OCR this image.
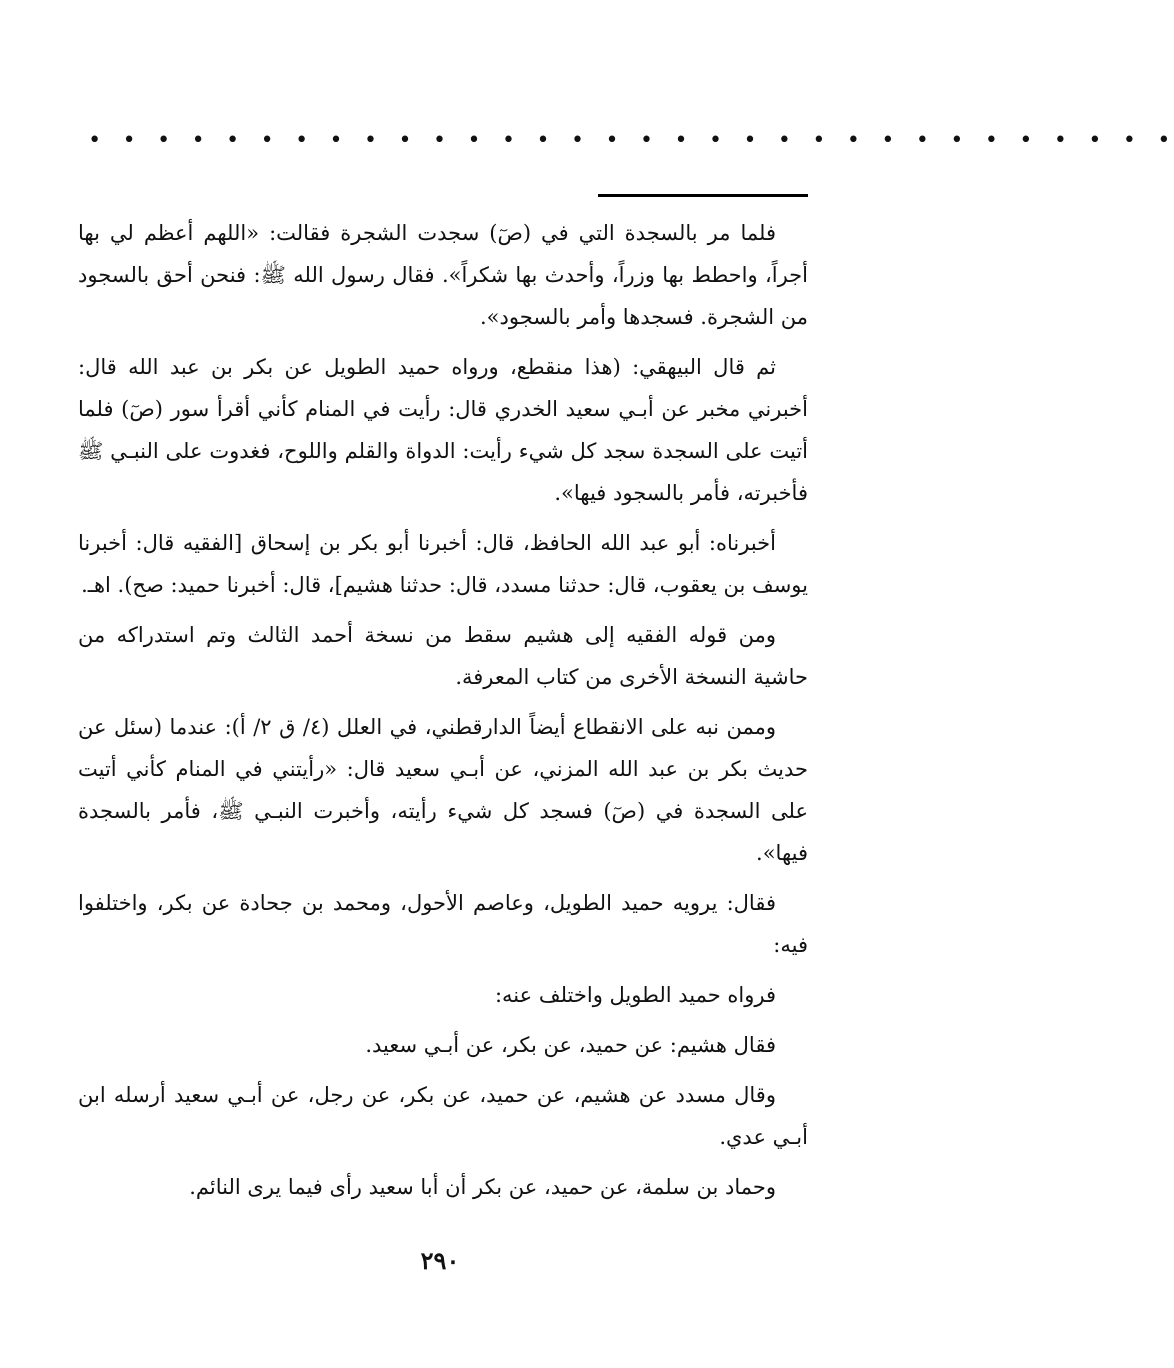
• • • • • • • • • • • • • • • • • • • • • • • • • • • • • • • •

فلما مر بالسجدة التي في (صٓ) سجدت الشجرة فقالت: «اللهم أعظم لي بها أجراً، واحطط بها وزراً، وأحدث بها شكراً». فقال رسول الله ﷺ: فنحن أحق بالسجود من الشجرة. فسجدها وأمر بالسجود».

ثم قال البيهقي: (هذا منقطع، ورواه حميد الطويل عن بكر بن عبد الله قال: أخبرني مخبر عن أبـي سعيد الخدري قال: رأيت في المنام كأني أقرأ سور (صٓ) فلما أتيت على السجدة سجد كل شيء رأيت: الدواة والقلم واللوح، فغدوت على النبـي ﷺ فأخبرته، فأمر بالسجود فيها».

أخبرناه: أبو عبد الله الحافظ، قال: أخبرنا أبو بكر بن إسحاق [الفقيه قال: أخبرنا يوسف بن يعقوب، قال: حدثنا مسدد، قال: حدثنا هشيم]، قال: أخبرنا حميد: صح). اهـ.

ومن قوله الفقيه إلى هشيم سقط من نسخة أحمد الثالث وتم استدراكه من حاشية النسخة الأخرى من كتاب المعرفة.

وممن نبه على الانقطاع أيضاً الدارقطني، في العلل (٤/ ق ٢/ أ): عندما (سئل عن حديث بكر بن عبد الله المزني، عن أبـي سعيد قال: «رأيتني في المنام كأني أتيت على السجدة في (صٓ) فسجد كل شيء رأيته، وأخبرت النبـي ﷺ، فأمر بالسجدة فيها».

فقال: يرويه حميد الطويل، وعاصم الأحول، ومحمد بن جحادة عن بكر، واختلفوا فيه:

فرواه حميد الطويل واختلف عنه:

فقال هشيم: عن حميد، عن بكر، عن أبـي سعيد.

وقال مسدد عن هشيم، عن حميد، عن بكر، عن رجل، عن أبـي سعيد أرسله ابن أبـي عدي.

وحماد بن سلمة، عن حميد، عن بكر أن أبا سعيد رأى فيما يرى النائم.

٢٩٠
